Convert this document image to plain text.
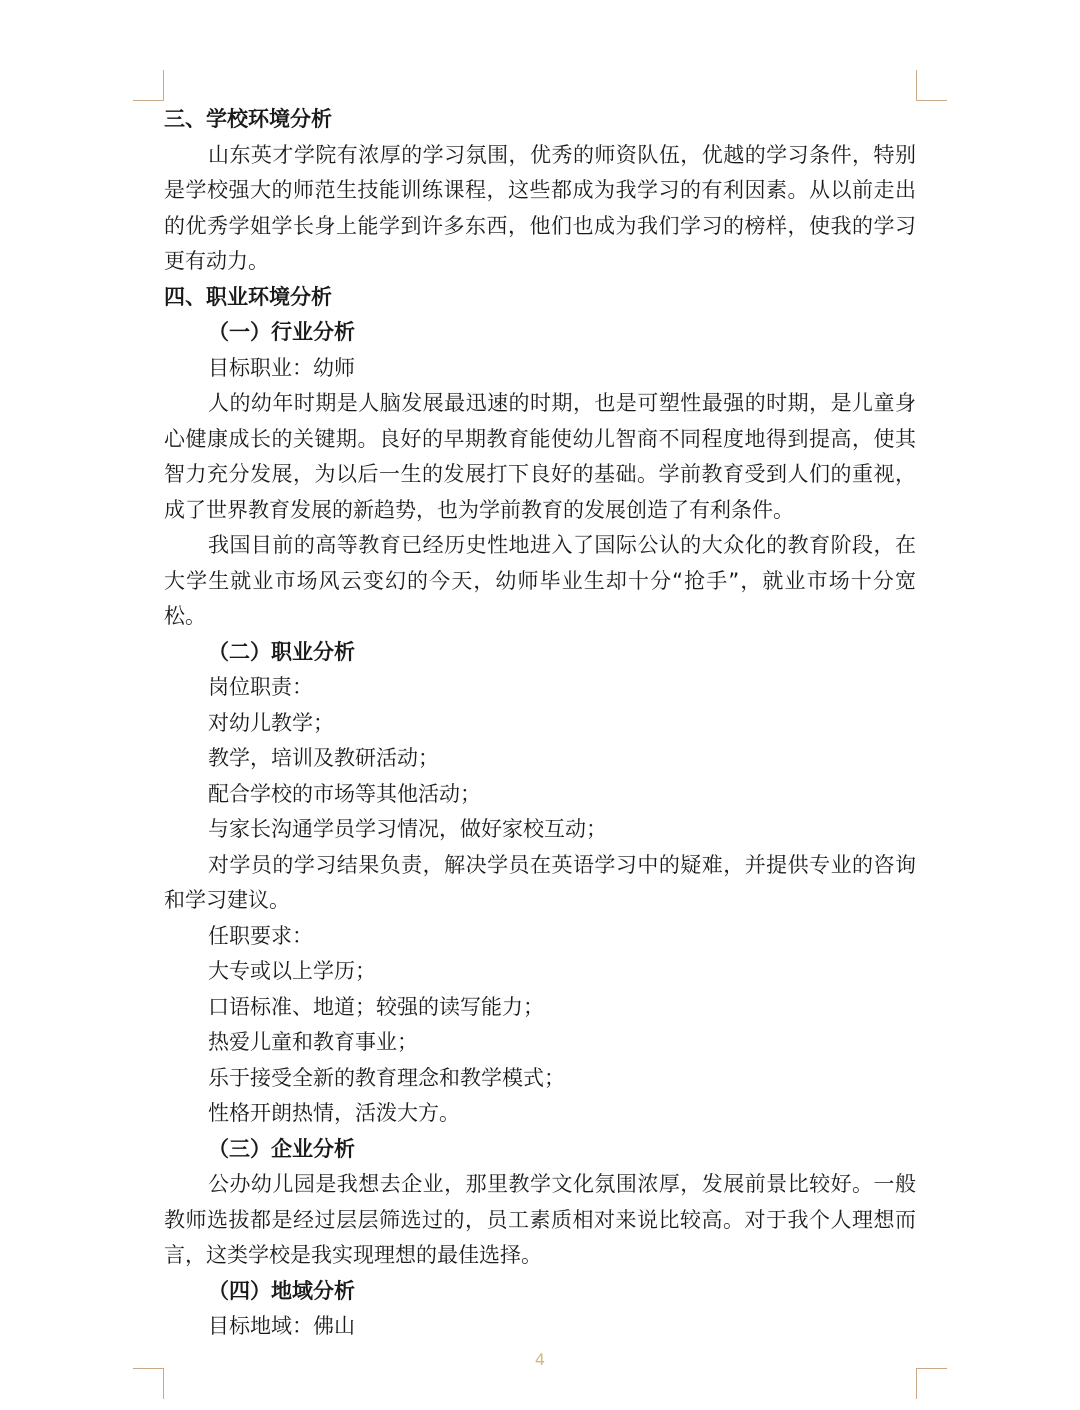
三、学校环境分析
山东英才学院有浓厚的学习氛围，优秀的师资队伍，优越的学习条件，特别是学校强大的师范生技能训练课程，这些都成为我学习的有利因素。从以前走出的优秀学姐学长身上能学到许多东西，他们也成为我们学习的榜样，使我的学习更有动力。
四、职业环境分析
（一）行业分析
目标职业：幼师
人的幼年时期是人脑发展最迅速的时期，也是可塑性最强的时期，是儿童身心健康成长的关键期。良好的早期教育能使幼儿智商不同程度地得到提高，使其智力充分发展，为以后一生的发展打下良好的基础。学前教育受到人们的重视，成了世界教育发展的新趋势，也为学前教育的发展创造了有利条件。
我国目前的高等教育已经历史性地进入了国际公认的大众化的教育阶段，在大学生就业市场风云变幻的今天，幼师毕业生却十分“抢手”，就业市场十分宽松。
（二）职业分析
岗位职责：
对幼儿教学；
教学，培训及教研活动；
配合学校的市场等其他活动；
与家长沟通学员学习情况，做好家校互动；
对学员的学习结果负责，解决学员在英语学习中的疑难，并提供专业的咨询和学习建议。
任职要求：
大专或以上学历；
口语标准、地道；较强的读写能力；
热爱儿童和教育事业；
乐于接受全新的教育理念和教学模式；
性格开朗热情，活泼大方。
（三）企业分析
公办幼儿园是我想去企业，那里教学文化氛围浓厚，发展前景比较好。一般教师选拔都是经过层层筛选过的，员工素质相对来说比较高。对于我个人理想而言，这类学校是我实现理想的最佳选择。
（四）地域分析
目标地域：佛山
4
